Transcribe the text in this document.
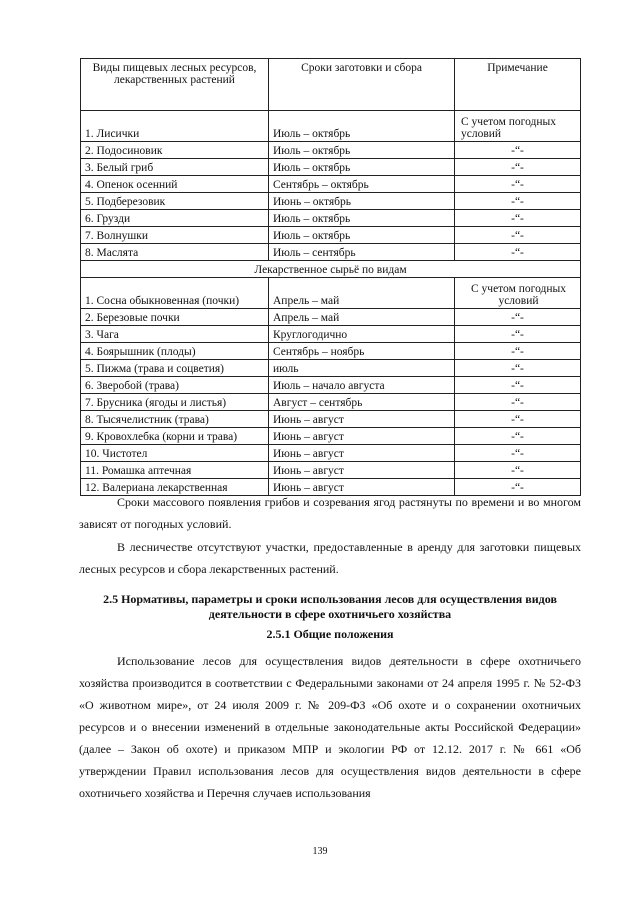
Виды пищевых лесных ресурсов, лекарственных растений	Сроки заготовки и сбора	Примечание
1. Лисички	Июль – октябрь	С учетом погодных условий
2. Подосиновик	Июль – октябрь	-“-
3. Белый гриб	Июль – октябрь	-“-
4. Опенок осенний	Сентябрь – октябрь	-“-
5. Подберезовик	Июнь – октябрь	-“-
6. Грузди	Июль – октябрь	-“-
7. Волнушки	Июль – октябрь	-“-
8. Маслята	Июль – сентябрь	-“-
Лекарственное сырьё по видам		
1. Сосна обыкновенная (почки)	Апрель – май	С учетом погодных условий
2. Березовые почки	Апрель – май	-“-
3. Чага	Круглогодично	-“-
4. Боярышник (плоды)	Сентябрь – ноябрь	-“-
5. Пижма (трава и соцветия)	июль	-“-
6. Зверобой (трава)	Июль – начало августа	-“-
7. Брусника (ягоды и листья)	Август – сентябрь	-“-
8. Тысячелистник (трава)	Июнь – август	-“-
9. Кровохлебка (корни и трава)	Июнь – август	-“-
10. Чистотел	Июнь – август	-“-
11. Ромашка аптечная	Июнь – август	-“-
12. Валериана лекарственная	Июнь – август	-“-
Сроки массового появления грибов и созревания ягод растянуты по времени и во многом зависят от погодных условий.
В лесничестве отсутствуют участки, предоставленные в аренду для заготовки пищевых лесных ресурсов и сбора лекарственных растений.
2.5 Нормативы, параметры и сроки использования лесов для осуществления видов деятельности в сфере охотничьего хозяйства
2.5.1 Общие положения
Использование лесов для осуществления видов деятельности в сфере охотничьего хозяйства производится в соответствии с Федеральными законами от 24 апреля 1995 г. № 52-ФЗ «О животном мире», от 24 июля 2009 г. № 209-ФЗ «Об охоте и о сохранении охотничьих ресурсов и о внесении изменений в отдельные законодательные акты Российской Федерации» (далее – Закон об охоте) и приказом МПР и экологии РФ от 12.12. 2017 г. № 661 «Об утверждении Правил использования лесов для осуществления видов деятельности в сфере охотничьего хозяйства и Перечня случаев использования
139
